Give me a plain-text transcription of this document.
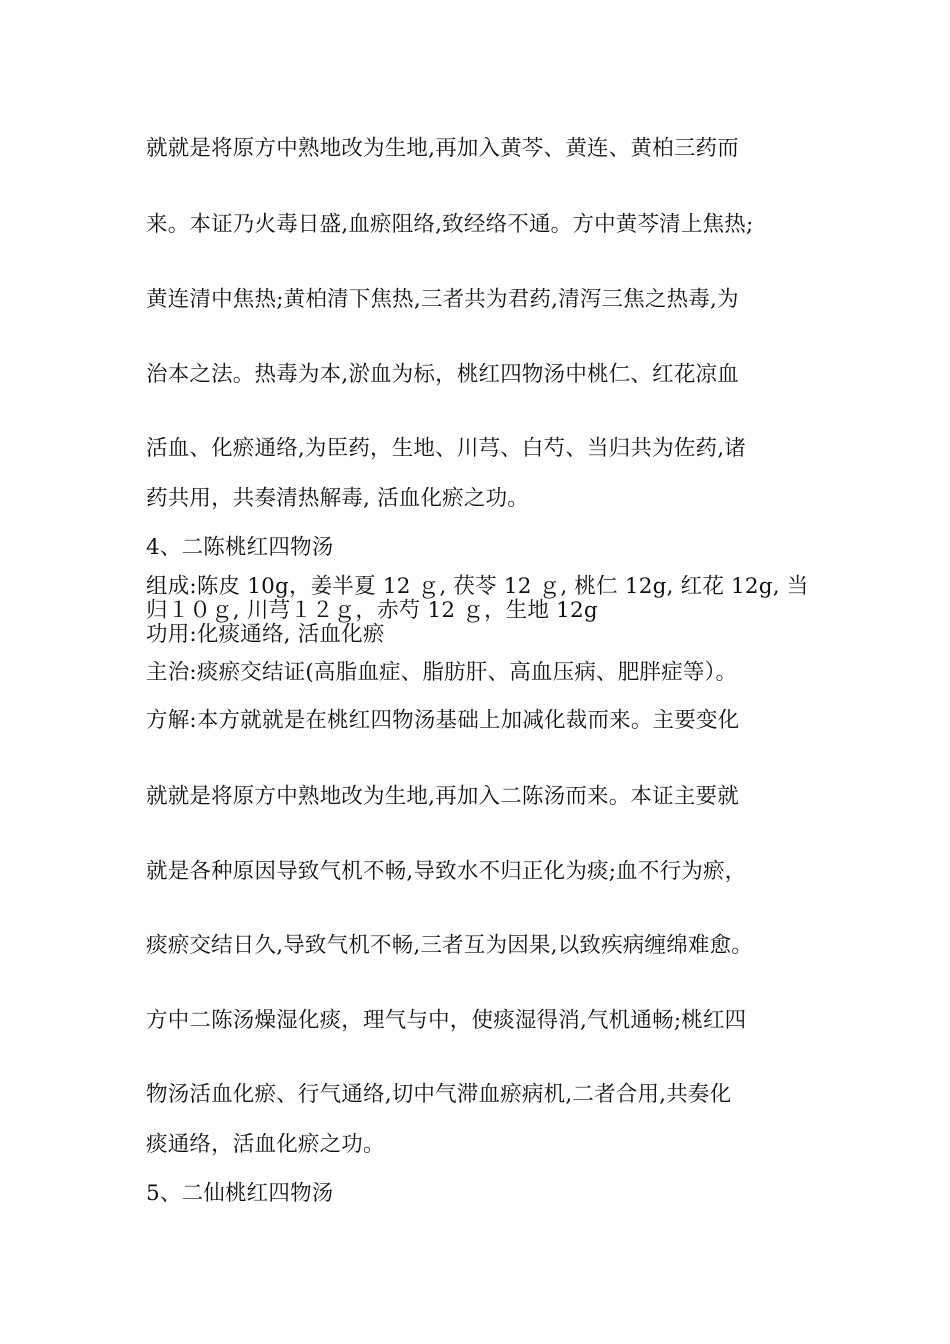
就就是将原方中熟地改为生地,再加入黄芩、黄连、黄柏三药而
来。本证乃火毒日盛,血瘀阻络,致经络不通。方中黄芩清上焦热;
黄连清中焦热;黄柏清下焦热,三者共为君药,清泻三焦之热毒,为
治本之法。热毒为本,淤血为标，桃红四物汤中桃仁、红花凉血
活血、化瘀通络,为臣药，生地、川芎、白芍、当归共为佐药,诸
药共用，共奏清热解毒, 活血化瘀之功。
4、二陈桃红四物汤
组成:陈皮 10g，姜半夏 12 ｇ, 茯苓 12 ｇ, 桃仁 12g, 红花 12g, 当
归１０ｇ, 川芎１２ｇ，赤芍 12 ｇ，生地 12g
功用:化痰通络, 活血化瘀
主治:痰瘀交结证(高脂血症、脂肪肝、高血压病、肥胖症等）。
方解:本方就就是在桃红四物汤基础上加减化裁而来。主要变化
就就是将原方中熟地改为生地,再加入二陈汤而来。本证主要就
就是各种原因导致气机不畅,导致水不归正化为痰;血不行为瘀，
痰瘀交结日久,导致气机不畅,三者互为因果,以致疾病缠绵难愈。
方中二陈汤燥湿化痰，理气与中，使痰湿得消,气机通畅;桃红四
物汤活血化瘀、行气通络,切中气滞血瘀病机,二者合用,共奏化
痰通络，活血化瘀之功。
5、二仙桃红四物汤
